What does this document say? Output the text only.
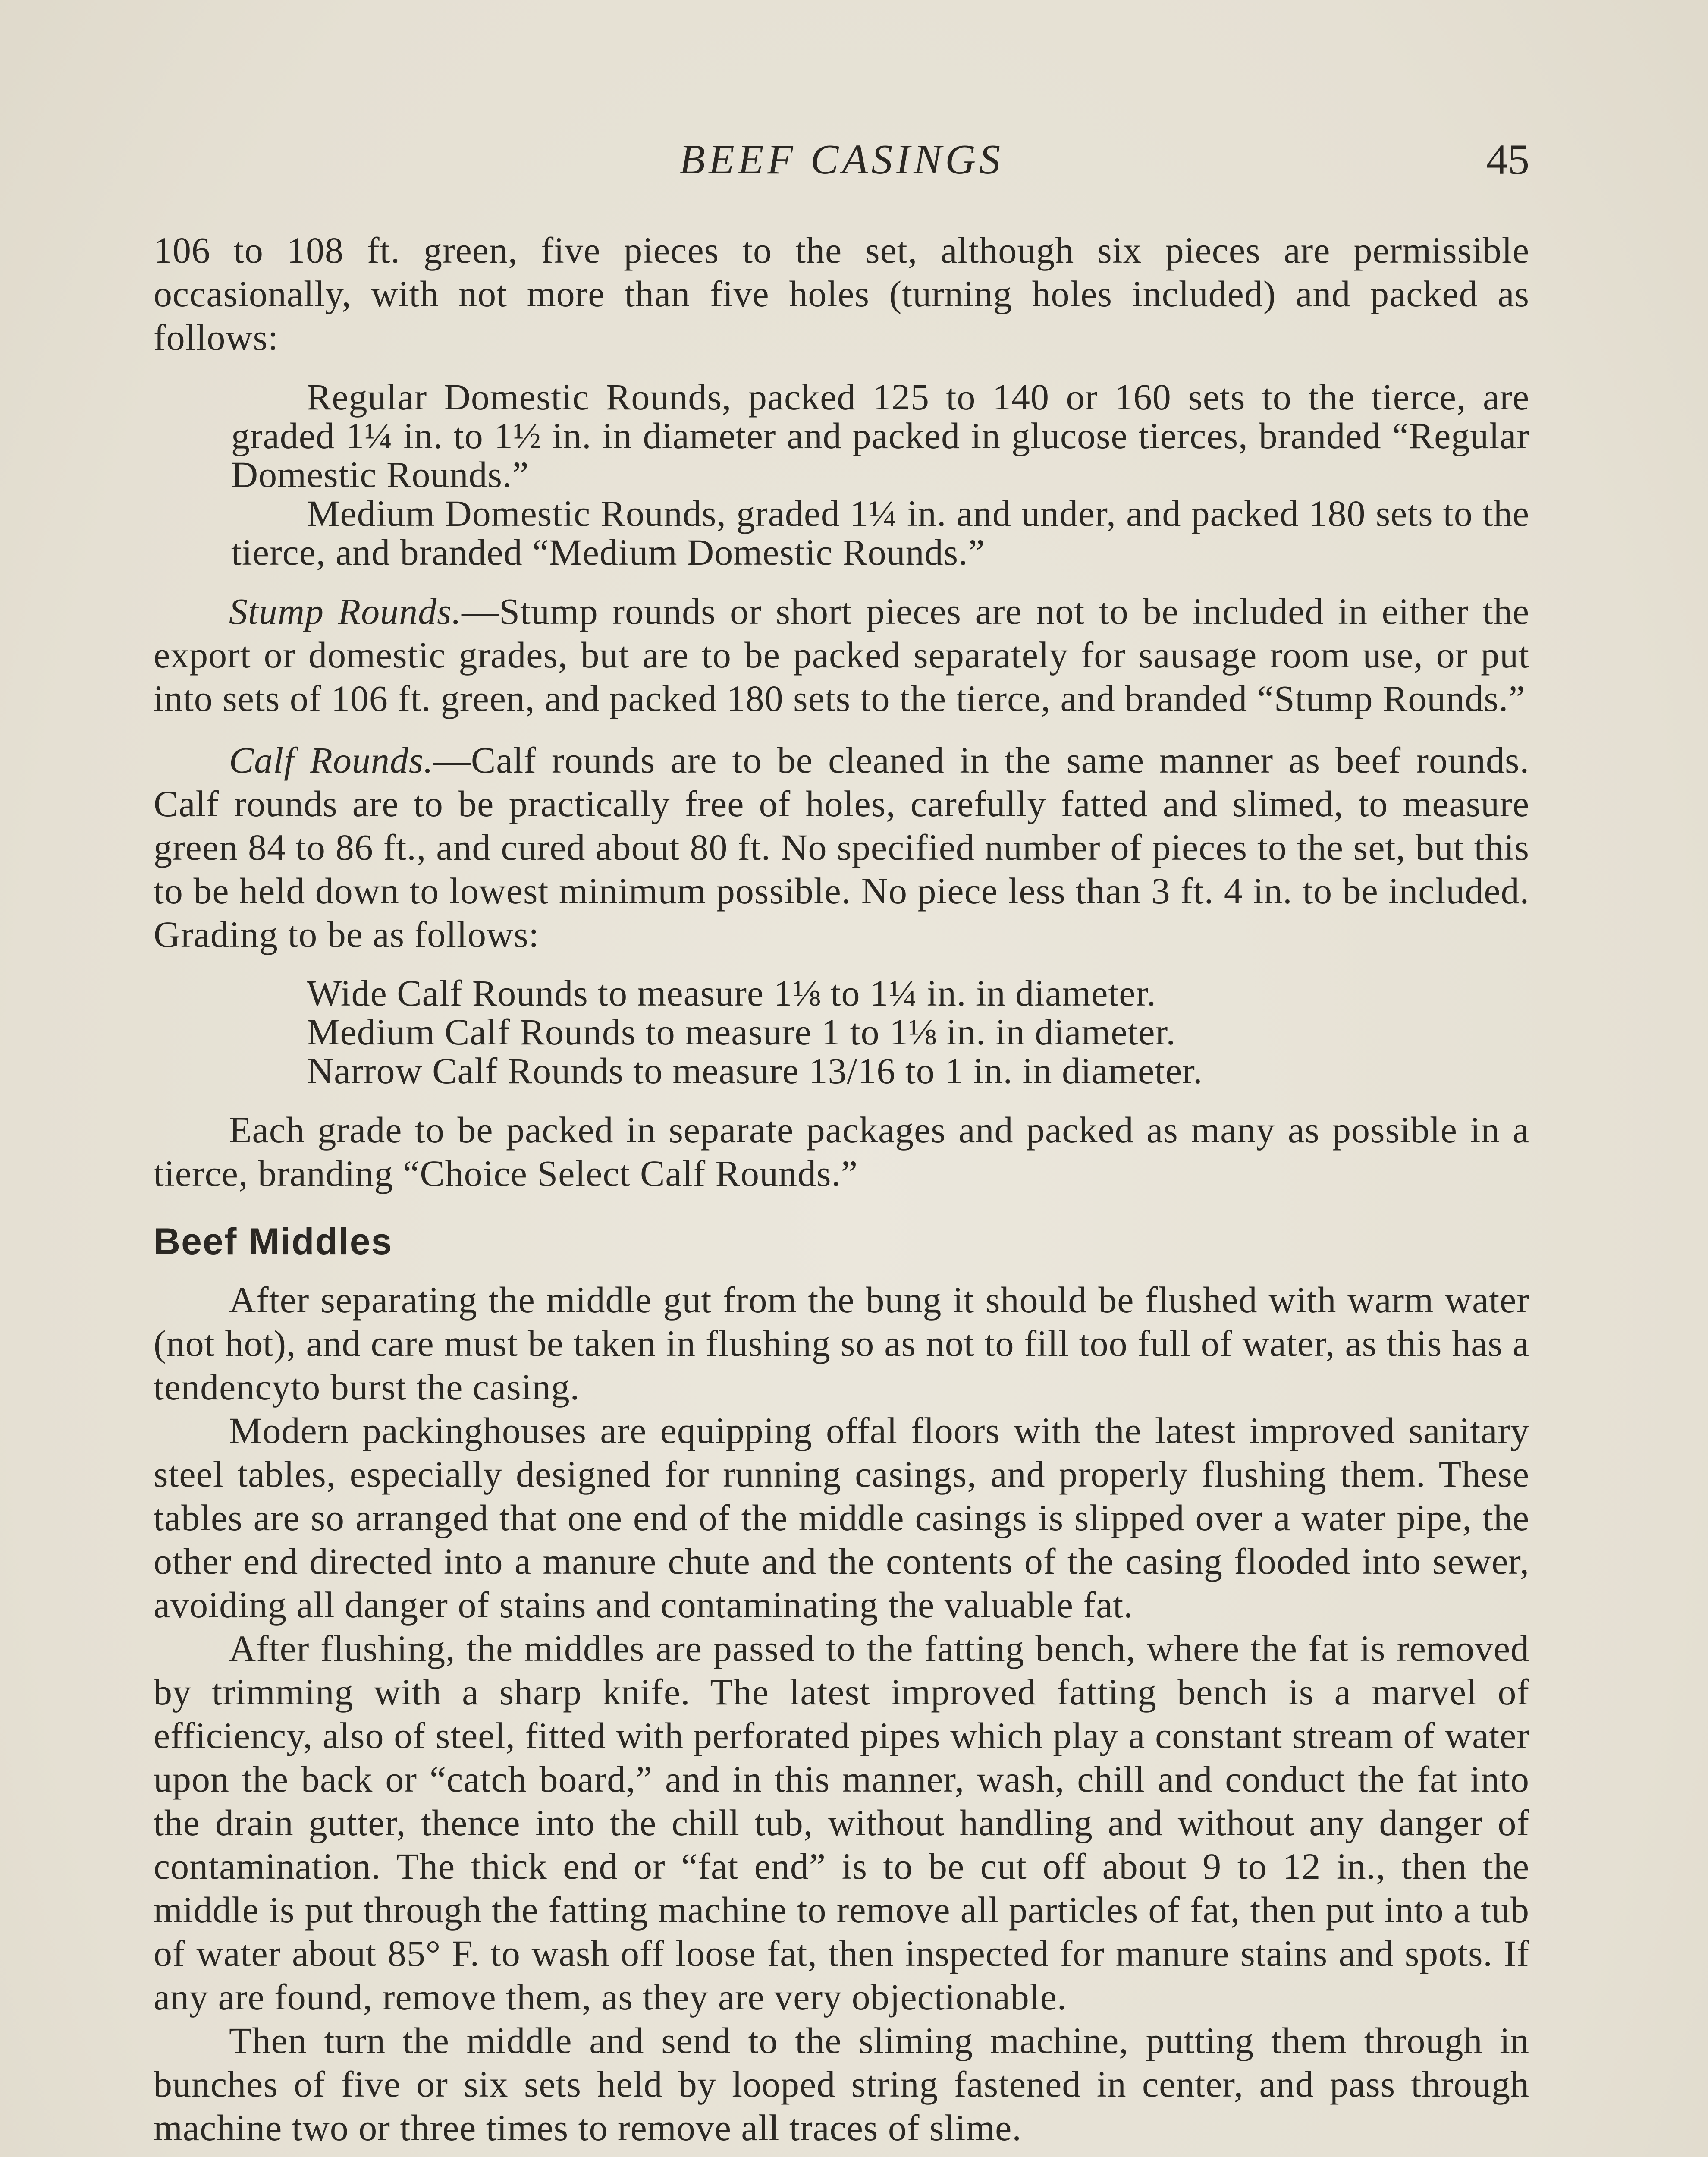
BEEF CASINGS	45

106 to 108 ft. green, five pieces to the set, although six pieces are permissible occasionally, with not more than five holes (turning holes included) and packed as follows:

Regular Domestic Rounds, packed 125 to 140 or 160 sets to the tierce, are graded 1¼ in. to 1½ in. in diameter and packed in glucose tierces, branded “Regular Domestic Rounds.”

Medium Domestic Rounds, graded 1¼ in. and under, and packed 180 sets to the tierce, and branded “Medium Domestic Rounds.”

Stump Rounds.—Stump rounds or short pieces are not to be included in either the export or domestic grades, but are to be packed separately for sausage room use, or put into sets of 106 ft. green, and packed 180 sets to the tierce, and branded “Stump Rounds.”

Calf Rounds.—Calf rounds are to be cleaned in the same manner as beef rounds. Calf rounds are to be practically free of holes, carefully fatted and slimed, to measure green 84 to 86 ft., and cured about 80 ft. No specified number of pieces to the set, but this to be held down to lowest minimum possible. No piece less than 3 ft. 4 in. to be included. Grading to be as follows:

Wide Calf Rounds to measure 1⅛ to 1¼ in. in diameter.

Medium Calf Rounds to measure 1 to 1⅛ in. in diameter.

Narrow Calf Rounds to measure 13/16 to 1 in. in diameter.

Each grade to be packed in separate packages and packed as many as possible in a tierce, branding “Choice Select Calf Rounds.”

Beef Middles

After separating the middle gut from the bung it should be flushed with warm water (not hot), and care must be taken in flushing so as not to fill too full of water, as this has a tendencyto burst the casing.

Modern packinghouses are equipping offal floors with the latest improved sanitary steel tables, especially designed for running casings, and properly flushing them. These tables are so arranged that one end of the middle casings is slipped over a water pipe, the other end directed into a manure chute and the contents of the casing flooded into sewer, avoiding all danger of stains and contaminating the valuable fat.

After flushing, the middles are passed to the fatting bench, where the fat is removed by trimming with a sharp knife. The latest improved fatting bench is a marvel of efficiency, also of steel, fitted with perforated pipes which play a constant stream of water upon the back or “catch board,” and in this manner, wash, chill and conduct the fat into the drain gutter, thence into the chill tub, without handling and without any danger of contamination. The thick end or “fat end” is to be cut off about 9 to 12 in., then the middle is put through the fatting machine to remove all particles of fat, then put into a tub of water about 85° F. to wash off loose fat, then inspected for manure stains and spots. If any are found, remove them, as they are very objectionable.

Then turn the middle and send to the sliming machine, putting them through in bunches of five or six sets held by looped string fastened in center, and pass through machine two or three times to remove all traces of slime.
